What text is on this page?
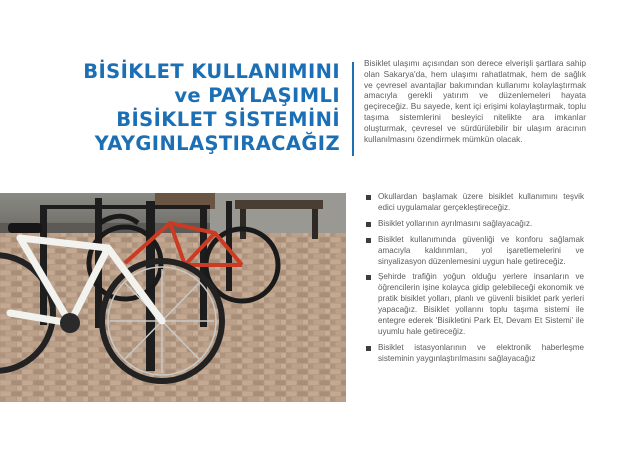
BİSİKLET KULLANIMINI
ve PAYLAŞIMLI
BİSİKLET SİSTEMİNİ
YAYGINLAŞTIRACAĞIZ
Bisiklet ulaşımı açısından son derece elverişli şartlara sahip olan Sakarya'da, hem ulaşımı rahatlatmak, hem de sağlık ve çevresel avantajlar bakımından kullanımı kolaylaştırmak amacıyla gerekli yatırım ve düzenlemeleri hayata geçireceğiz. Bu sayede, kent içi erişimi kolaylaştırmak, toplu taşıma sistemlerini besleyici nitelikte ara imkanlar oluşturmak, çevresel ve sürdürülebilir bir ulaşım aracının kullanılmasını özendirmek mümkün olacak.
Okullardan başlamak üzere bisiklet kullanımını teşvik edici uygulamalar gerçekleştireceğiz.
Bisiklet yollarının ayrılmasını sağlayacağız.
Bisiklet kullanımında güvenliği ve konforu sağlamak amacıyla kaldırımları, yol işaretlemelerini ve sinyalizasyon düzenlemesini uygun hale getireceğiz.
Şehirde trafiğin yoğun olduğu yerlere insanların ve öğrencilerin işine kolayca gidip gelebileceği ekonomik ve pratik bisiklet yolları, planlı ve güvenli bisiklet park yerleri yapacağız. Bisiklet yollarını toplu taşıma sistemi ile entegre ederek 'Bisikletini Park Et, Devam Et Sistemi' ile uyumlu hale getireceğiz.
Bisiklet istasyonlarının ve elektronik haberleşme sisteminin yaygınlaştırılmasını sağlayacağız
